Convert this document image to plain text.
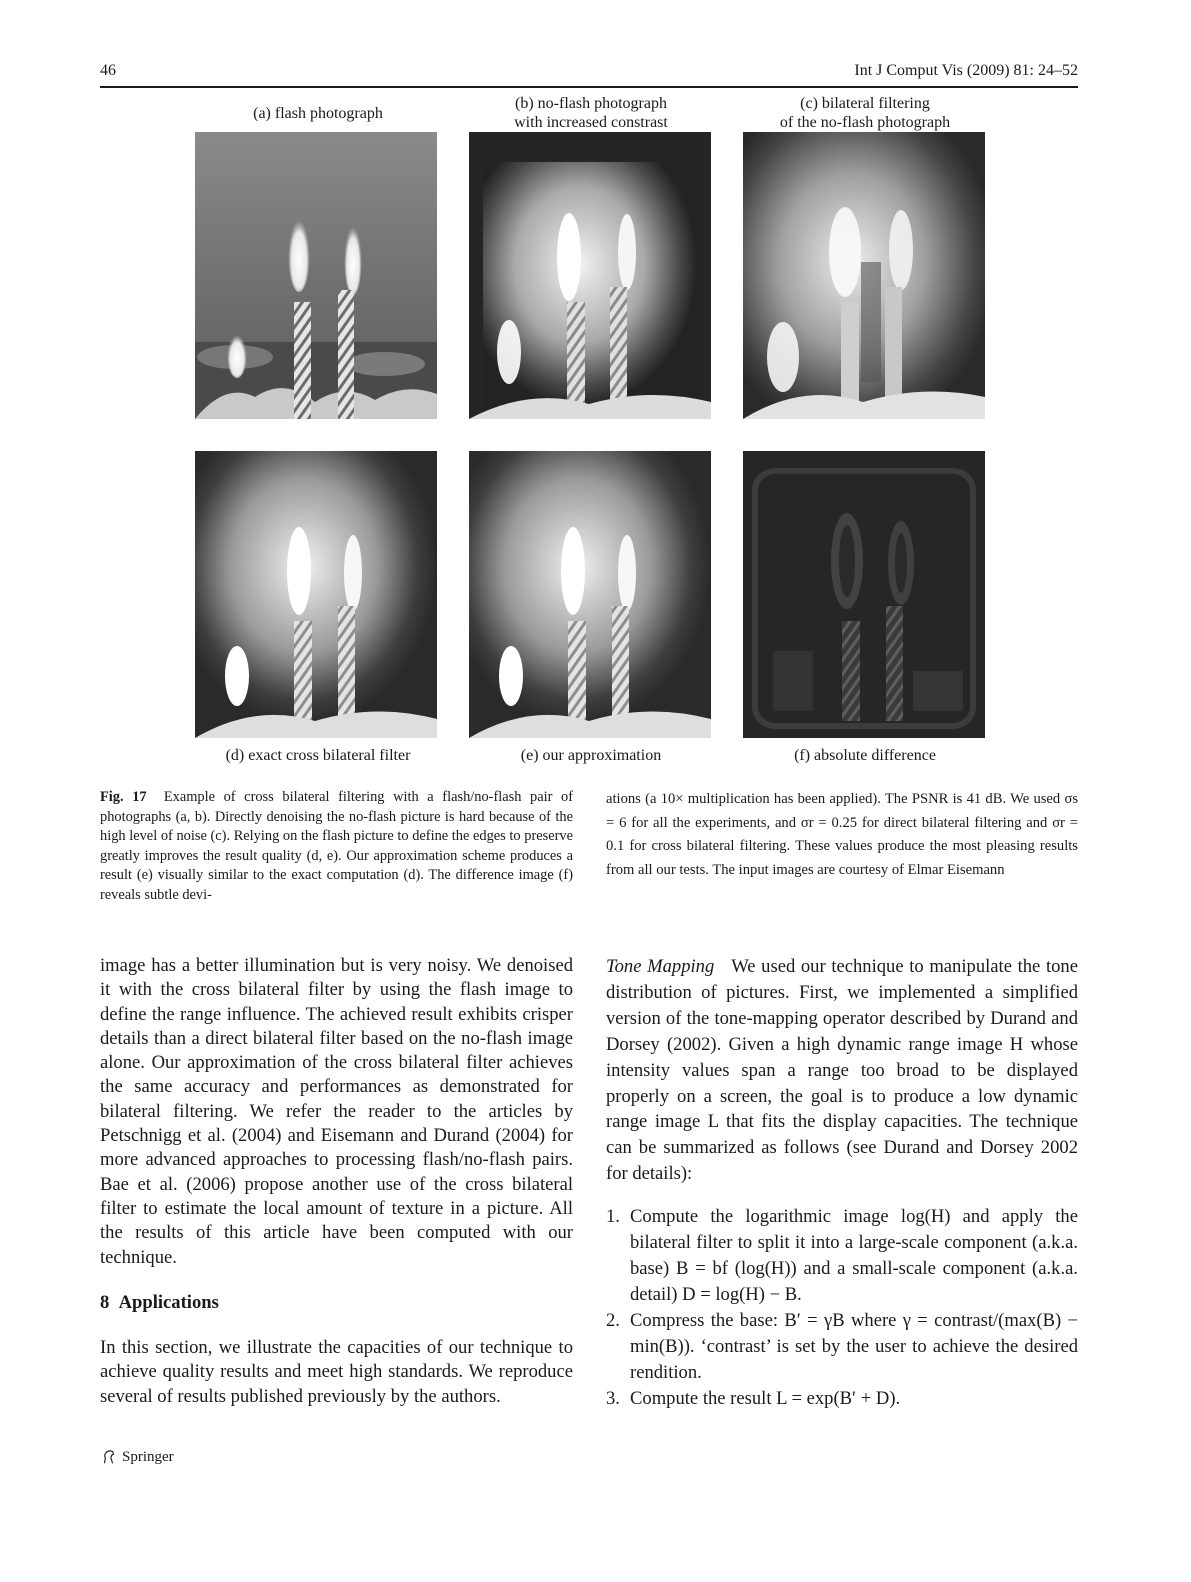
46	Int J Comput Vis (2009) 81: 24–52
(a) flash photograph
(b) no-flash photograph
with increased constrast
(c) bilateral filtering
of the no-flash photograph
(d) exact cross bilateral filter	(e) our approximation	(f) absolute difference
Fig. 17 Example of cross bilateral filtering with a flash/no-flash pair of photographs (a, b). Directly denoising the no-flash picture is hard because of the high level of noise (c). Relying on the flash picture to define the edges to preserve greatly improves the result quality (d, e). Our approximation scheme produces a result (e) visually similar to the exact computation (d). The difference image (f) reveals subtle devi-
ations (a 10× multiplication has been applied). The PSNR is 41 dB. We used σs = 6 for all the experiments, and σr = 0.25 for direct bilateral filtering and σr = 0.1 for cross bilateral filtering. These values produce the most pleasing results from all our tests. The input images are courtesy of Elmar Eisemann
image has a better illumination but is very noisy. We denoised it with the cross bilateral filter by using the flash image to define the range influence. The achieved result exhibits crisper details than a direct bilateral filter based on the no-flash image alone. Our approximation of the cross bilateral filter achieves the same accuracy and performances as demonstrated for bilateral filtering. We refer the reader to the articles by Petschnigg et al. (2004) and Eisemann and Durand (2004) for more advanced approaches to processing flash/no-flash pairs. Bae et al. (2006) propose another use of the cross bilateral filter to estimate the local amount of texture in a picture. All the results of this article have been computed with our technique.
8 Applications
In this section, we illustrate the capacities of our technique to achieve quality results and meet high standards. We reproduce several of results published previously by the authors.
Tone Mapping We used our technique to manipulate the tone distribution of pictures. First, we implemented a simplified version of the tone-mapping operator described by Durand and Dorsey (2002). Given a high dynamic range image H whose intensity values span a range too broad to be displayed properly on a screen, the goal is to produce a low dynamic range image L that fits the display capacities. The technique can be summarized as follows (see Durand and Dorsey 2002 for details):
1. Compute the logarithmic image log(H) and apply the bilateral filter to split it into a large-scale component (a.k.a. base) B = bf (log(H)) and a small-scale component (a.k.a. detail) D = log(H) − B.
2. Compress the base: B′ = γB where γ = contrast/(max(B) − min(B)). ‘contrast’ is set by the user to achieve the desired rendition.
3. Compute the result L = exp(B′ + D).
Springer
